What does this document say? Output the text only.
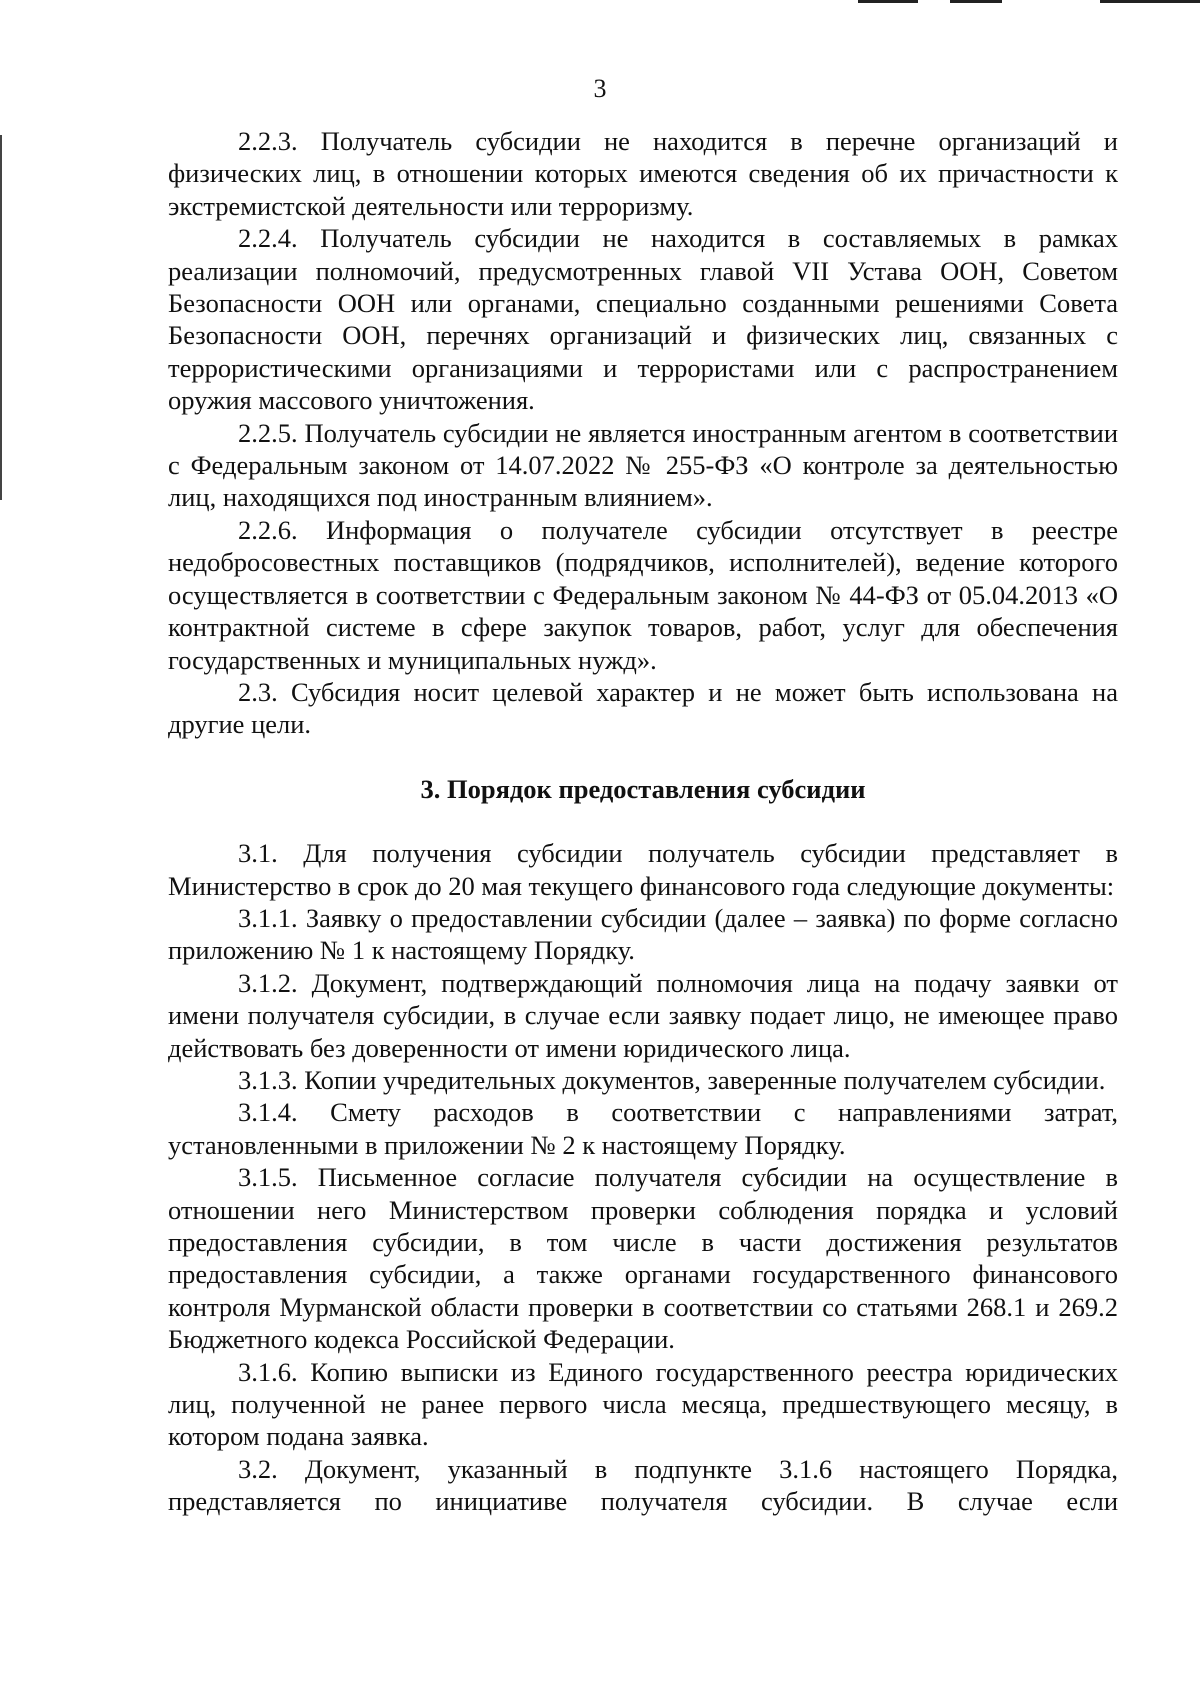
3

2.2.3. Получатель субсидии не находится в перечне организаций и физических лиц, в отношении которых имеются сведения об их причастности к экстремистской деятельности или терроризму.

2.2.4. Получатель субсидии не находится в составляемых в рамках реализации полномочий, предусмотренных главой VII Устава ООН, Советом Безопасности ООН или органами, специально созданными решениями Совета Безопасности ООН, перечнях организаций и физических лиц, связанных с террористическими организациями и террористами или с распространением оружия массового уничтожения.

2.2.5. Получатель субсидии не является иностранным агентом в соответствии с Федеральным законом от 14.07.2022 № 255-ФЗ «О контроле за деятельностью лиц, находящихся под иностранным влиянием».

2.2.6. Информация о получателе субсидии отсутствует в реестре недобросовестных поставщиков (подрядчиков, исполнителей), ведение которого осуществляется в соответствии с Федеральным законом № 44-ФЗ от 05.04.2013 «О контрактной системе в сфере закупок товаров, работ, услуг для обеспечения государственных и муниципальных нужд».

2.3. Субсидия носит целевой характер и не может быть использована на другие цели.

3. Порядок предоставления субсидии

3.1. Для получения субсидии получатель субсидии представляет в Министерство в срок до 20 мая текущего финансового года следующие документы:

3.1.1. Заявку о предоставлении субсидии (далее – заявка) по форме согласно приложению № 1 к настоящему Порядку.

3.1.2. Документ, подтверждающий полномочия лица на подачу заявки от имени получателя субсидии, в случае если заявку подает лицо, не имеющее право действовать без доверенности от имени юридического лица.

3.1.3. Копии учредительных документов, заверенные получателем субсидии.

3.1.4. Смету расходов в соответствии с направлениями затрат, установленными в приложении № 2 к настоящему Порядку.

3.1.5. Письменное согласие получателя субсидии на осуществление в отношении него Министерством проверки соблюдения порядка и условий предоставления субсидии, в том числе в части достижения результатов предоставления субсидии, а также органами государственного финансового контроля Мурманской области проверки в соответствии со статьями 268.1 и 269.2 Бюджетного кодекса Российской Федерации.

3.1.6. Копию выписки из Единого государственного реестра юридических лиц, полученной не ранее первого числа месяца, предшествующего месяцу, в котором подана заявка.

3.2. Документ, указанный в подпункте 3.1.6 настоящего Порядка, представляется по инициативе получателя субсидии. В случае если
